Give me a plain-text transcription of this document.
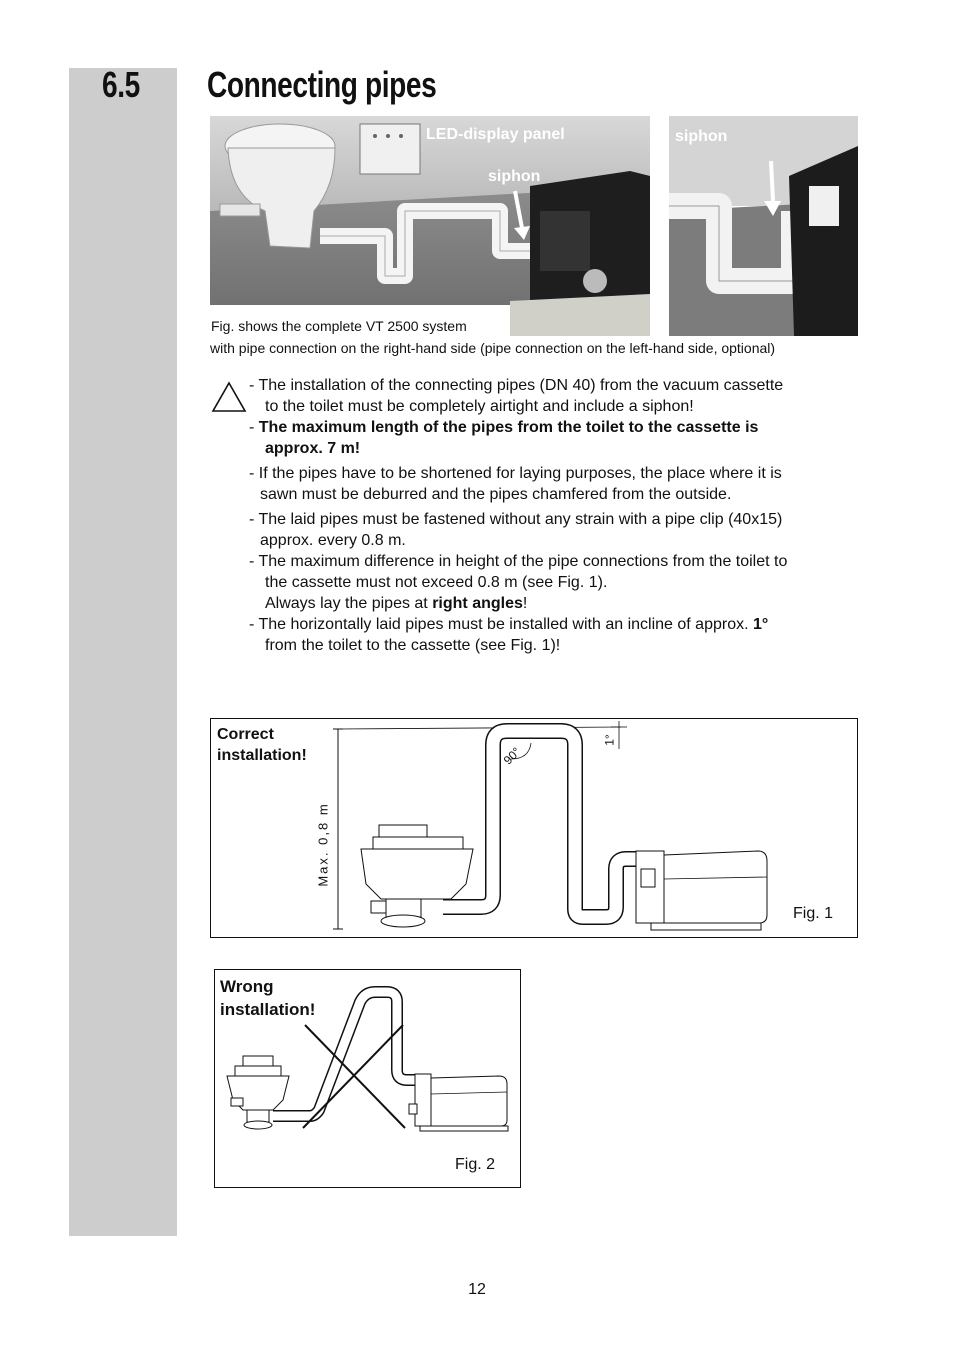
6.5 Connecting pipes
LED-display panel
siphon
siphon
Fig. shows the complete VT 2500 system
with pipe connection on the right-hand side (pipe connection on the left-hand side, optional)
- The installation of the connecting pipes (DN 40) from the vacuum cassette
to the toilet must be completely airtight and include a siphon!
- The maximum length of the pipes from the toilet to the cassette is
approx. 7 m!
- If the pipes have to be shortened for laying purposes, the place where it is
sawn must be deburred and the pipes chamfered from the outside.
- The laid pipes must be fastened without any strain with a pipe clip (40x15)
approx. every 0.8 m.
- The maximum difference in height of the pipe connections from the toilet to
the cassette must not exceed 0.8 m (see Fig. 1).
Always lay the pipes at right angles!
- The horizontally laid pipes must be installed with an incline of approx. 1°
from the toilet to the cassette (see Fig. 1)!
Correct
installation!
Max. 0,8 m
90°
1°
Fig. 1
Wrong
installation!
Fig. 2
12
